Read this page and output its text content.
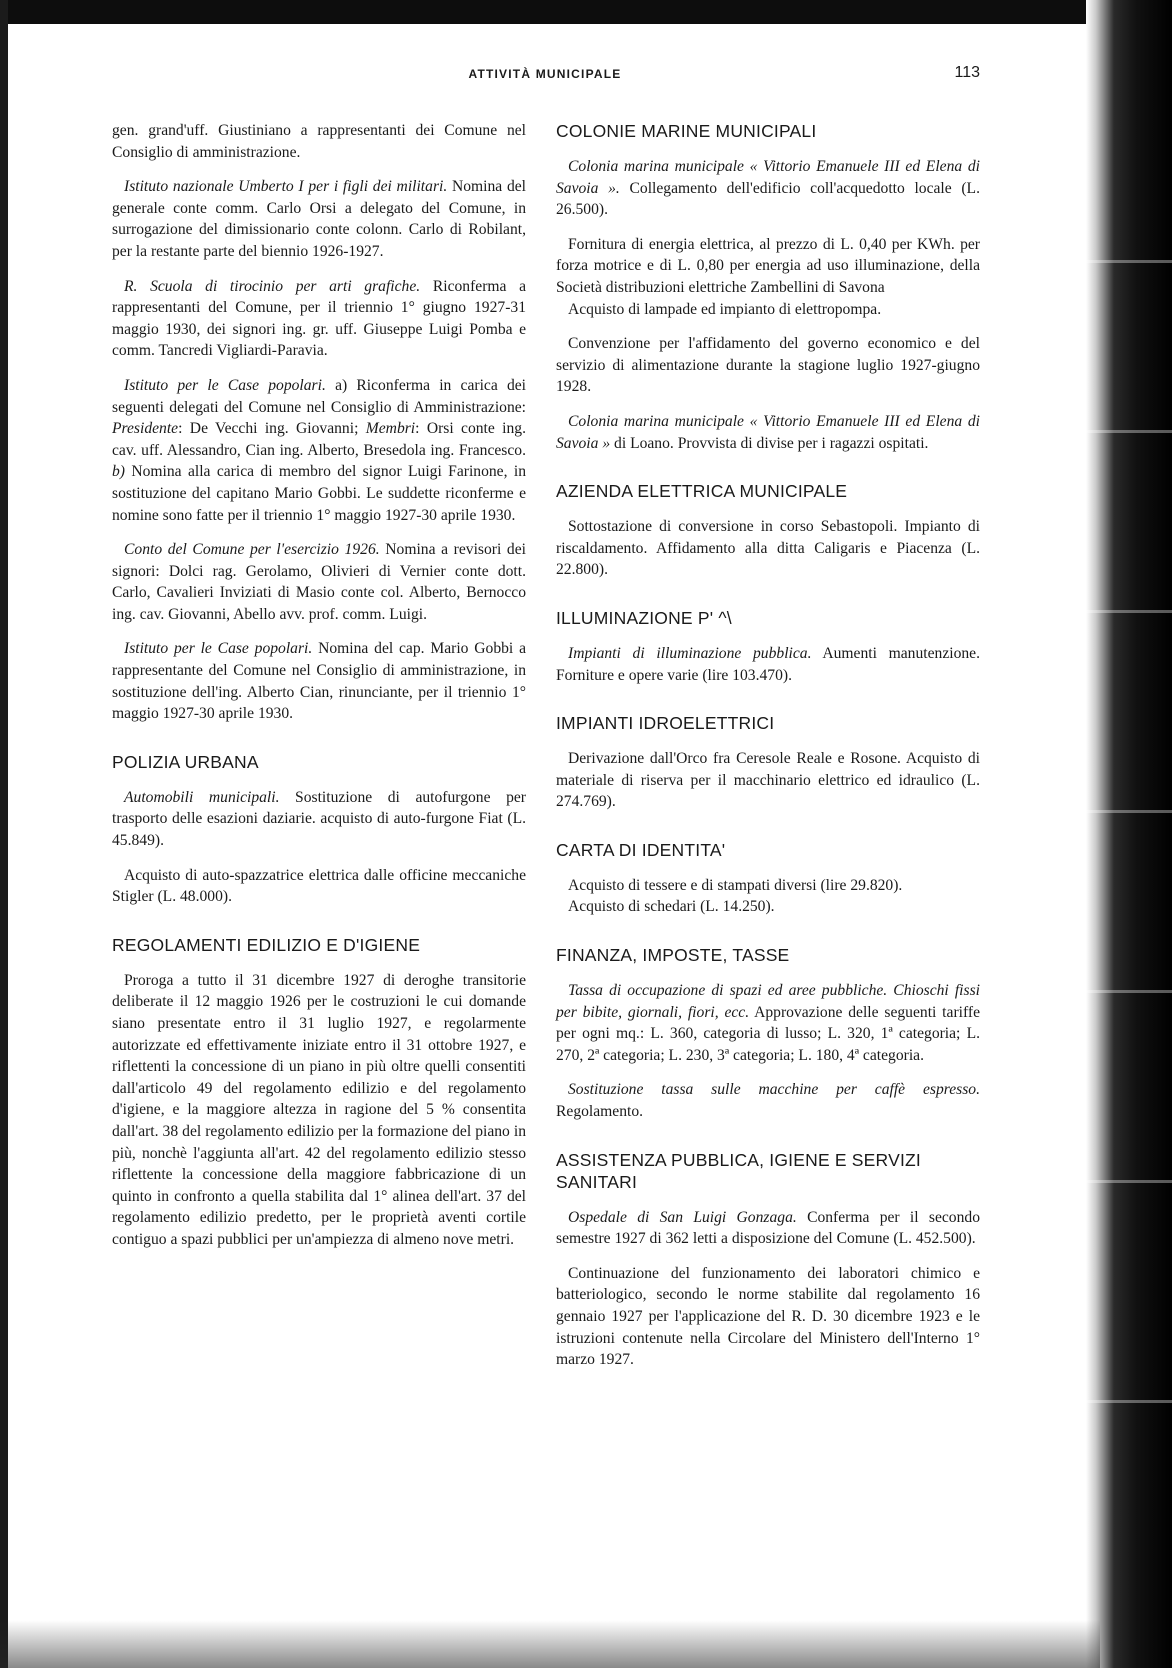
ATTIVITÀ MUNICIPALE	113

gen. grand'uff. Giustiniano a rappresentanti dei Comune nel Consiglio di amministrazione.

Istituto nazionale Umberto I per i figli dei militari. Nomina del generale conte comm. Carlo Orsi a delegato del Comune, in surrogazione del dimissionario conte colonn. Carlo di Robilant, per la restante parte del biennio 1926-1927.

R. Scuola di tirocinio per arti grafiche. Riconferma a rappresentanti del Comune, per il triennio 1° giugno 1927-31 maggio 1930, dei signori ing. gr. uff. Giuseppe Luigi Pomba e comm. Tancredi Vigliardi-Paravia.

Istituto per le Case popolari. a) Riconferma in carica dei seguenti delegati del Comune nel Consiglio di Amministrazione: Presidente: De Vecchi ing. Giovanni; Membri: Orsi conte ing. cav. uff. Alessandro, Cian ing. Alberto, Bresedola ing. Francesco. b) Nomina alla carica di membro del signor Luigi Farinone, in sostituzione del capitano Mario Gobbi. Le suddette riconferme e nomine sono fatte per il triennio 1° maggio 1927-30 aprile 1930.

Conto del Comune per l'esercizio 1926. Nomina a revisori dei signori: Dolci rag. Gerolamo, Olivieri di Vernier conte dott. Carlo, Cavalieri Inviziati di Masio conte col. Alberto, Bernocco ing. cav. Giovanni, Abello avv. prof. comm. Luigi.

Istituto per le Case popolari. Nomina del cap. Mario Gobbi a rappresentante del Comune nel Consiglio di amministrazione, in sostituzione dell'ing. Alberto Cian, rinunciante, per il triennio 1° maggio 1927-30 aprile 1930.

POLIZIA URBANA

Automobili municipali. Sostituzione di autofurgone per trasporto delle esazioni daziarie. acquisto di auto-furgone Fiat (L. 45.849).

Acquisto di auto-spazzatrice elettrica dalle officine meccaniche Stigler (L. 48.000).

REGOLAMENTI EDILIZIO E D'IGIENE

Proroga a tutto il 31 dicembre 1927 di deroghe transitorie deliberate il 12 maggio 1926 per le costruzioni le cui domande siano presentate entro il 31 luglio 1927, e regolarmente autorizzate ed effettivamente iniziate entro il 31 ottobre 1927, e riflettenti la concessione di un piano in più oltre quelli consentiti dall'articolo 49 del regolamento edilizio e del regolamento d'igiene, e la maggiore altezza in ragione del 5 % consentita dall'art. 38 del regolamento edilizio per la formazione del piano in più, nonchè l'aggiunta all'art. 42 del regolamento edilizio stesso riflettente la concessione della maggiore fabbricazione di un quinto in confronto a quella stabilita dal 1° alinea dell'art. 37 del regolamento edilizio predetto, per le proprietà aventi cortile contiguo a spazi pubblici per un'ampiezza di almeno nove metri.

COLONIE MARINE MUNICIPALI

Colonia marina municipale « Vittorio Emanuele III ed Elena di Savoia ». Collegamento dell'edificio coll'acquedotto locale (L. 26.500).

Fornitura di energia elettrica, al prezzo di L. 0,40 per KWh. per forza motrice e di L. 0,80 per energia ad uso illuminazione, della Società distribuzioni elettriche Zambellini di Savona

Acquisto di lampade ed impianto di elettropompa.

Convenzione per l'affidamento del governo economico e del servizio di alimentazione durante la stagione luglio 1927-giugno 1928.

Colonia marina municipale « Vittorio Emanuele III ed Elena di Savoia » di Loano. Provvista di divise per i ragazzi ospitati.

AZIENDA ELETTRICA MUNICIPALE

Sottostazione di conversione in corso Sebastopoli. Impianto di riscaldamento. Affidamento alla ditta Caligaris e Piacenza (L. 22.800).

ILLUMINAZIONE P' ^\

Impianti di illuminazione pubblica. Aumenti manutenzione. Forniture e opere varie (lire 103.470).

IMPIANTI IDROELETTRICI

Derivazione dall'Orco fra Ceresole Reale e Rosone. Acquisto di materiale di riserva per il macchinario elettrico ed idraulico (L. 274.769).

CARTA DI IDENTITA'

Acquisto di tessere e di stampati diversi (lire 29.820).

Acquisto di schedari (L. 14.250).

FINANZA, IMPOSTE, TASSE

Tassa di occupazione di spazi ed aree pubbliche. Chioschi fissi per bibite, giornali, fiori, ecc. Approvazione delle seguenti tariffe per ogni mq.: L. 360, categoria di lusso; L. 320, 1ª categoria; L. 270, 2ª categoria; L. 230, 3ª categoria; L. 180, 4ª categoria.

Sostituzione tassa sulle macchine per caffè espresso. Regolamento.

ASSISTENZA PUBBLICA, IGIENE E SERVIZI SANITARI

Ospedale di San Luigi Gonzaga. Conferma per il secondo semestre 1927 di 362 letti a disposizione del Comune (L. 452.500).

Continuazione del funzionamento dei laboratori chimico e batteriologico, secondo le norme stabilite dal regolamento 16 gennaio 1927 per l'applicazione del R. D. 30 dicembre 1923 e le istruzioni contenute nella Circolare del Ministero dell'Interno 1° marzo 1927.
